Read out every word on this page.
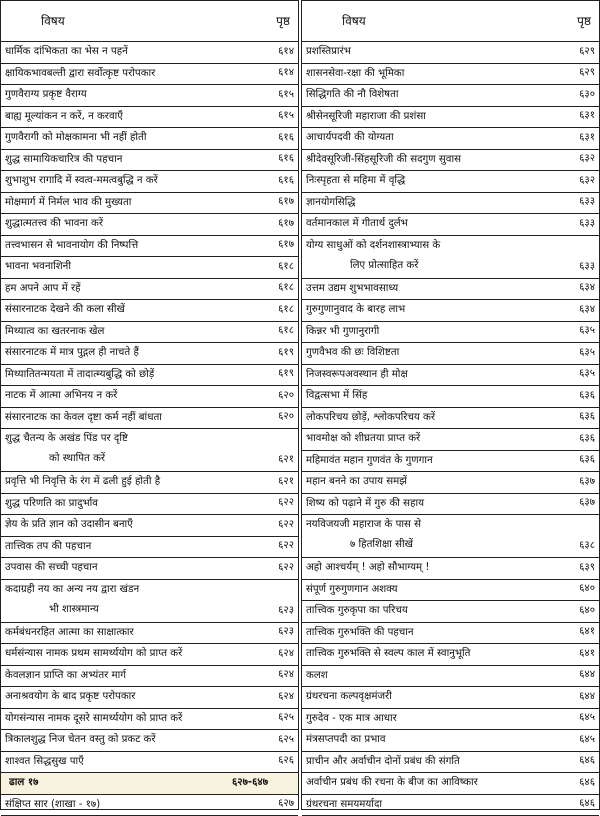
विषय	पृष्ठ
धार्मिक दांभिकता का भेस न पहनें	६१४
क्षायिकभावबल्ती द्वारा सर्वोत्कृष्ट परोपकार	६१४
गुणवैराग्य प्रकृष्ट वैराग्य	६१५
बाह्य मूल्यांकन न करें, न करवाएँ	६१५
गुणवैरागी को मोक्षकामना भी नहीं होती	६१६
शुद्ध सामायिकचारित्र की पहचान	६१६
शुभाशुभ रागादि में स्वत्व-ममत्वबुद्धि न करें	६१६
मोक्षमार्ग में निर्मल भाव की मुख्यता	६१७
शुद्धात्मतत्त्व की भावना करें	६१७
तत्त्वभासन से भावनायोग की निष्पत्ति	६१७
भावना भवनाशिनी	६१८
हम अपने आप में रहें	६१८
संसारनाटक देखने की कला सीखें	६१८
मिथ्यात्व का खतरनाक खेल	६१८
संसारनाटक में मात्र पुद्गल ही नाचते हैं	६१९
मिथ्यातितन्मयता में तादात्म्यबुद्धि को छोड़ें	६१९
नाटक में आत्मा अभिनय न करें	६२०
संसारनाटक का केवल दृष्टा कर्म नहीं बांधता	६२०
शुद्ध चैतन्य के अखंड पिंड पर दृष्टि
को स्थापित करें	६२१
प्रवृत्ति भी निवृत्ति के रंग में ढली हुई होती है	६२१
शुद्ध परिणति का प्रादुर्भाव	६२२
ज्ञेय के प्रति ज्ञान को उदासीन बनाएँ	६२२
तात्त्विक तप की पहचान	६२२
उपवास की सच्ची पहचान	६२२
कदाग्रही नय का अन्य नय द्वारा खंडन
भी शास्त्रमान्य	६२३
कर्मबंधनरहित आत्मा का साक्षात्कार	६२३
धर्मसंन्यास नामक प्रथम सामर्थ्ययोग को प्राप्त करें	६२४
केवलज्ञान प्राप्ति का अभ्यंतर मार्ग	६२४
अनाश्रवयोग के बाद प्रकृष्ट परोपकार	६२४
योगसंन्यास नामक दूसरे सामर्थ्ययोग को प्राप्त करें	६२५
त्रिकालशुद्ध निज चेतन वस्तु को प्रकट करें	६२५
शाश्वत सिद्धसुख पाएँ	६२६
ढाल १७	६२७-६४७
संक्षिप्त सार (शाखा - १७)	६२७
विषय	पृष्ठ
प्रशस्तिप्रारंभ	६२९
शासनसेवा-रक्षा की भूमिका	६२९
सिद्धिगति की नौ विशेषता	६३०
श्रीसेनसूरिजी महाराजा की प्रशंसा	६३१
आचार्यपदवी की योग्यता	६३१
श्रीदेवसूरिजी-सिंहसूरिजी की सदगुण सुवास	६३२
निःस्पृहता से महिमा में वृद्धि	६३२
ज्ञानयोगसिद्धि	६३३
वर्तमानकाल में गीतार्थ दुर्लभ	६३३
योग्य साधुओं को दर्शनशास्त्राभ्यास के
लिए प्रोत्साहित करें	६३३
उत्तम उद्यम शुभभावसाध्य	६३४
गुरुगुणानुवाद के बारह लाभ	६३४
किन्नर भी गुणानुरागी	६३५
गुणवैभव की छः विशिष्टता	६३५
निजस्वरूपअवस्थान ही मोक्ष	६३५
विद्वत्सभा में सिंह	६३६
लोकपरिचय छोड़ें, श्लोकपरिचय करें	६३६
भावमोक्ष को शीघ्रतया प्राप्त करें	६३६
महिमावंत महान गुणवंत के गुणगान	६३६
महान बनने का उपाय समझें	६३७
शिष्य को पढ़ाने में गुरु की सहाय	६३७
नयविजयजी महाराज के पास से
७ हितशिक्षा सीखें	६३८
अहो आश्चर्यम् ! अहो सौभाग्यम् !	६३९
संपूर्ण गुरुगुणगान अशक्य	६४०
तात्त्विक गुरुकृपा का परिचय	६४०
तात्त्विक गुरुभक्ति की पहचान	६४१
तात्त्विक गुरुभक्ति से स्वल्प काल में स्वानुभूति	६४१
कलश	६४४
ग्रंथरचना कल्पवृक्षमंजरी	६४४
गुरुदेव - एक मात्र आधार	६४५
मंत्रसप्तपदी का प्रभाव	६४५
प्राचीन और अर्वाचीन दोनों प्रबंध की संगति	६४६
अर्वाचीन प्रबंध की रचना के बीज का आविष्कार	६४६
ग्रंथरचना समयमर्यादा	६४६
